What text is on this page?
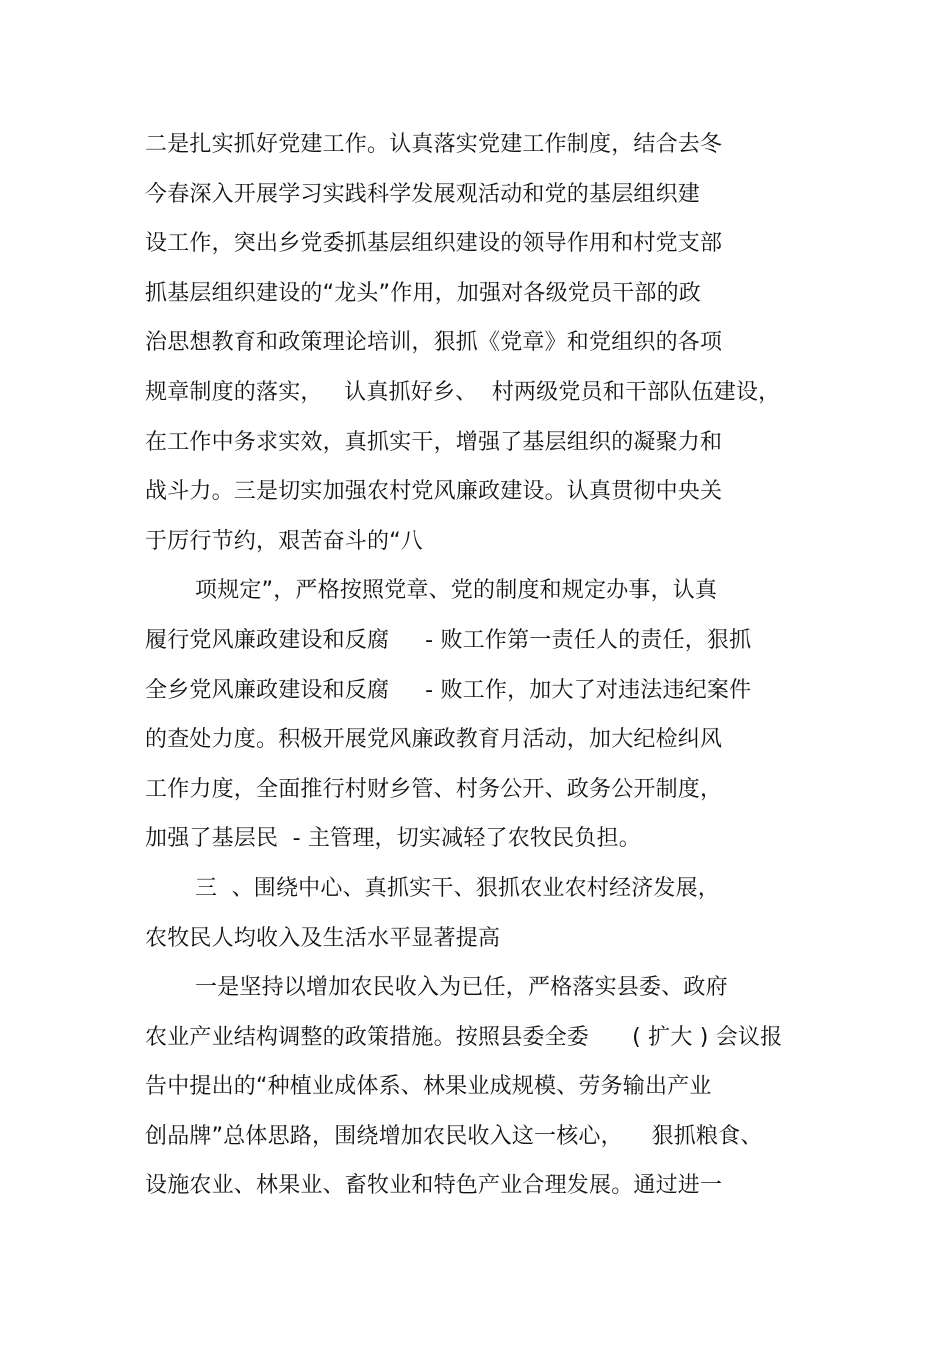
二是扎实抓好党建工作。认真落实党建工作制度，结合去冬
今春深入开展学习实践科学发展观活动和党的基层组织建
设工作，突出乡党委抓基层组织建设的领导作用和村党支部
抓基层组织建设的“龙头”作用，加强对各级党员干部的政
治思想教育和政策理论培训，狠抓《党章》和党组织的各项
规章制度的落实，   认真抓好乡、  村两级党员和干部队伍建设，
在工作中务求实效，真抓实干，增强了基层组织的凝聚力和
战斗力。三是切实加强农村党风廉政建设。认真贯彻中央关
于厉行节约，艰苦奋斗的“八
项规定”，严格按照党章、党的制度和规定办事，认真
履行党风廉政建设和反腐     - 败工作第一责任人的责任，狠抓
全乡党风廉政建设和反腐     - 败工作，加大了对违法违纪案件
的查处力度。积极开展党风廉政教育月活动，加大纪检纠风
工作力度，全面推行村财乡管、村务公开、政务公开制度，
加强了基层民  - 主管理，切实减轻了农牧民负担。
三  、围绕中心、真抓实干、狠抓农业农村经济发展，
农牧民人均收入及生活水平显著提高
一是坚持以增加农民收入为已任，严格落实县委、政府
农业产业结构调整的政策措施。按照县委全委      ( 扩大 ) 会议报
告中提出的“种植业成体系、林果业成规模、劳务输出产业
创品牌”总体思路，围绕增加农民收入这一核心，    狠抓粮食、
设施农业、林果业、畜牧业和特色产业合理发展。通过进一
